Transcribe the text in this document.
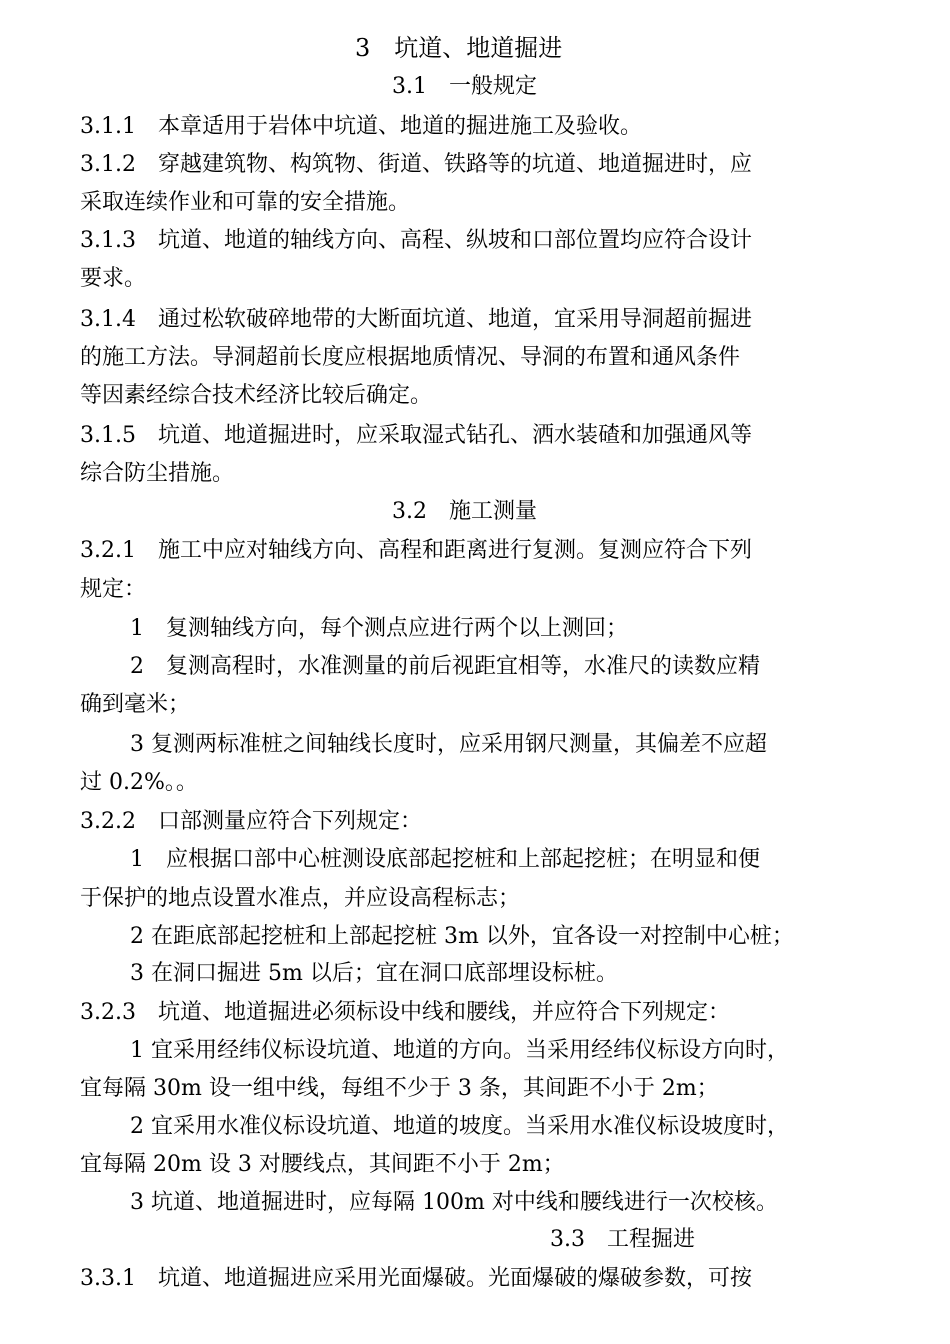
3　坑道、地道掘进
3.1　一般规定
3.1.1　本章适用于岩体中坑道、地道的掘进施工及验收。
3.1.2　穿越建筑物、构筑物、街道、铁路等的坑道、地道掘进时，应
采取连续作业和可靠的安全措施。
3.1.3　坑道、地道的轴线方向、高程、纵坡和口部位置均应符合设计
要求。
3.1.4　通过松软破碎地带的大断面坑道、地道，宜采用导洞超前掘进
的施工方法。导洞超前长度应根据地质情况、导洞的布置和通风条件
等因素经综合技术经济比较后确定。
3.1.5　坑道、地道掘进时，应采取湿式钻孔、洒水装碴和加强通风等
综合防尘措施。
3.2　施工测量
3.2.1　施工中应对轴线方向、高程和距离进行复测。复测应符合下列
规定：
1　复测轴线方向，每个测点应进行两个以上测回；
2　复测高程时，水准测量的前后视距宜相等，水准尺的读数应精
确到毫米；
3 复测两标准桩之间轴线长度时，应采用钢尺测量，其偏差不应超
过 0.2%。。
3.2.2　口部测量应符合下列规定：
1　应根据口部中心桩测设底部起挖桩和上部起挖桩；在明显和便
于保护的地点设置水准点，并应设高程标志；
2 在距底部起挖桩和上部起挖桩 3m 以外，宜各设一对控制中心桩；
3 在洞口掘进 5m 以后；宜在洞口底部埋设标桩。
3.2.3　坑道、地道掘进必须标设中线和腰线，并应符合下列规定：
1 宜采用经纬仪标设坑道、地道的方向。当采用经纬仪标设方向时，
宜每隔 30m 设一组中线，每组不少于 3 条，其间距不小于 2m；
2 宜采用水准仪标设坑道、地道的坡度。当采用水准仪标设坡度时，
宜每隔 20m 设 3 对腰线点，其间距不小于 2m；
3 坑道、地道掘进时，应每隔 100m 对中线和腰线进行一次校核。
3.3　工程掘进
3.3.1　坑道、地道掘进应采用光面爆破。光面爆破的爆破参数，可按
